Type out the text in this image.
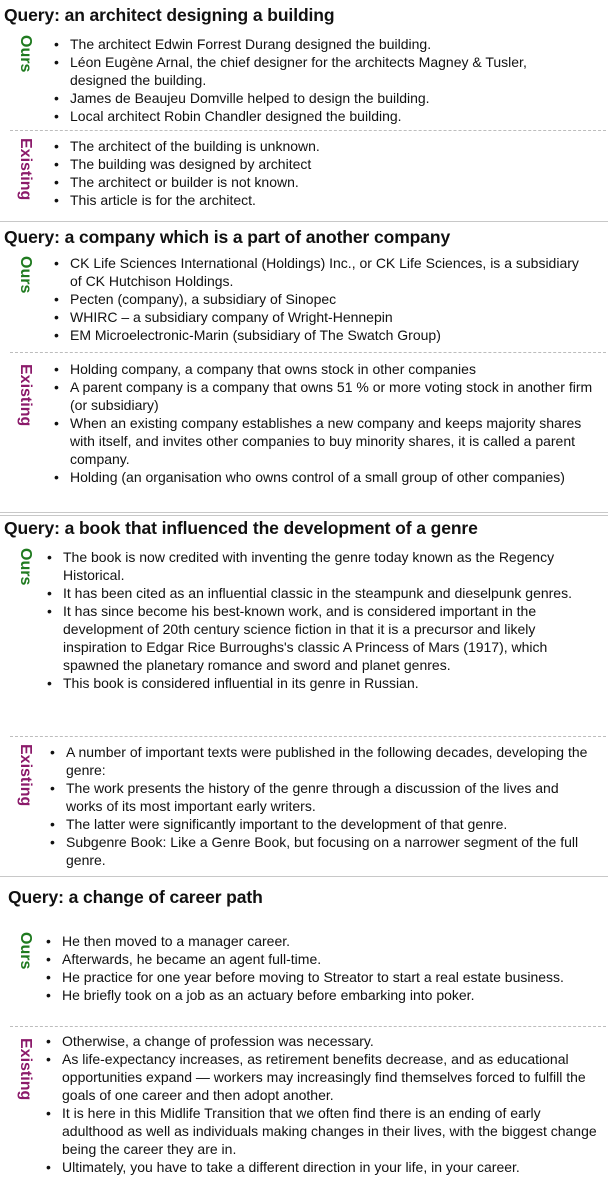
Query: an architect designing a building
Ours • The architect Edwin Forrest Durang designed the building.
• Léon Eugène Arnal, the chief designer for the architects Magney & Tusler, designed the building.
• James de Beaujeu Domville helped to design the building.
• Local architect Robin Chandler designed the building.
Existing • The architect of the building is unknown.
• The building was designed by architect
• The architect or builder is not known.
• This article is for the architect.
Query: a company which is a part of another company
Ours • CK Life Sciences International (Holdings) Inc., or CK Life Sciences, is a subsidiary of CK Hutchison Holdings.
• Pecten (company), a subsidiary of Sinopec
• WHIRC – a subsidiary company of Wright-Hennepin
• EM Microelectronic-Marin (subsidiary of The Swatch Group)
Existing • Holding company, a company that owns stock in other companies
• A parent company is a company that owns 51 % or more voting stock in another firm (or subsidiary)
• When an existing company establishes a new company and keeps majority shares with itself, and invites other companies to buy minority shares, it is called a parent company.
• Holding (an organisation who owns control of a small group of other companies)
Query: a book that influenced the development of a genre
Ours • The book is now credited with inventing the genre today known as the Regency Historical.
• It has been cited as an influential classic in the steampunk and dieselpunk genres.
• It has since become his best-known work, and is considered important in the development of 20th century science fiction in that it is a precursor and likely inspiration to Edgar Rice Burroughs's classic A Princess of Mars (1917), which spawned the planetary romance and sword and planet genres.
• This book is considered influential in its genre in Russian.
Existing • A number of important texts were published in the following decades, developing the genre:
• The work presents the history of the genre through a discussion of the lives and works of its most important early writers.
• The latter were significantly important to the development of that genre.
• Subgenre Book: Like a Genre Book, but focusing on a narrower segment of the full genre.
Query: a change of career path
Ours • He then moved to a manager career.
• Afterwards, he became an agent full-time.
• He practice for one year before moving to Streator to start a real estate business.
• He briefly took on a job as an actuary before embarking into poker.
Existing • Otherwise, a change of profession was necessary.
• As life-expectancy increases, as retirement benefits decrease, and as educational opportunities expand — workers may increasingly find themselves forced to fulfill the goals of one career and then adopt another.
• It is here in this Midlife Transition that we often find there is an ending of early adulthood as well as individuals making changes in their lives, with the biggest change being the career they are in.
• Ultimately, you have to take a different direction in your life, in your career.
